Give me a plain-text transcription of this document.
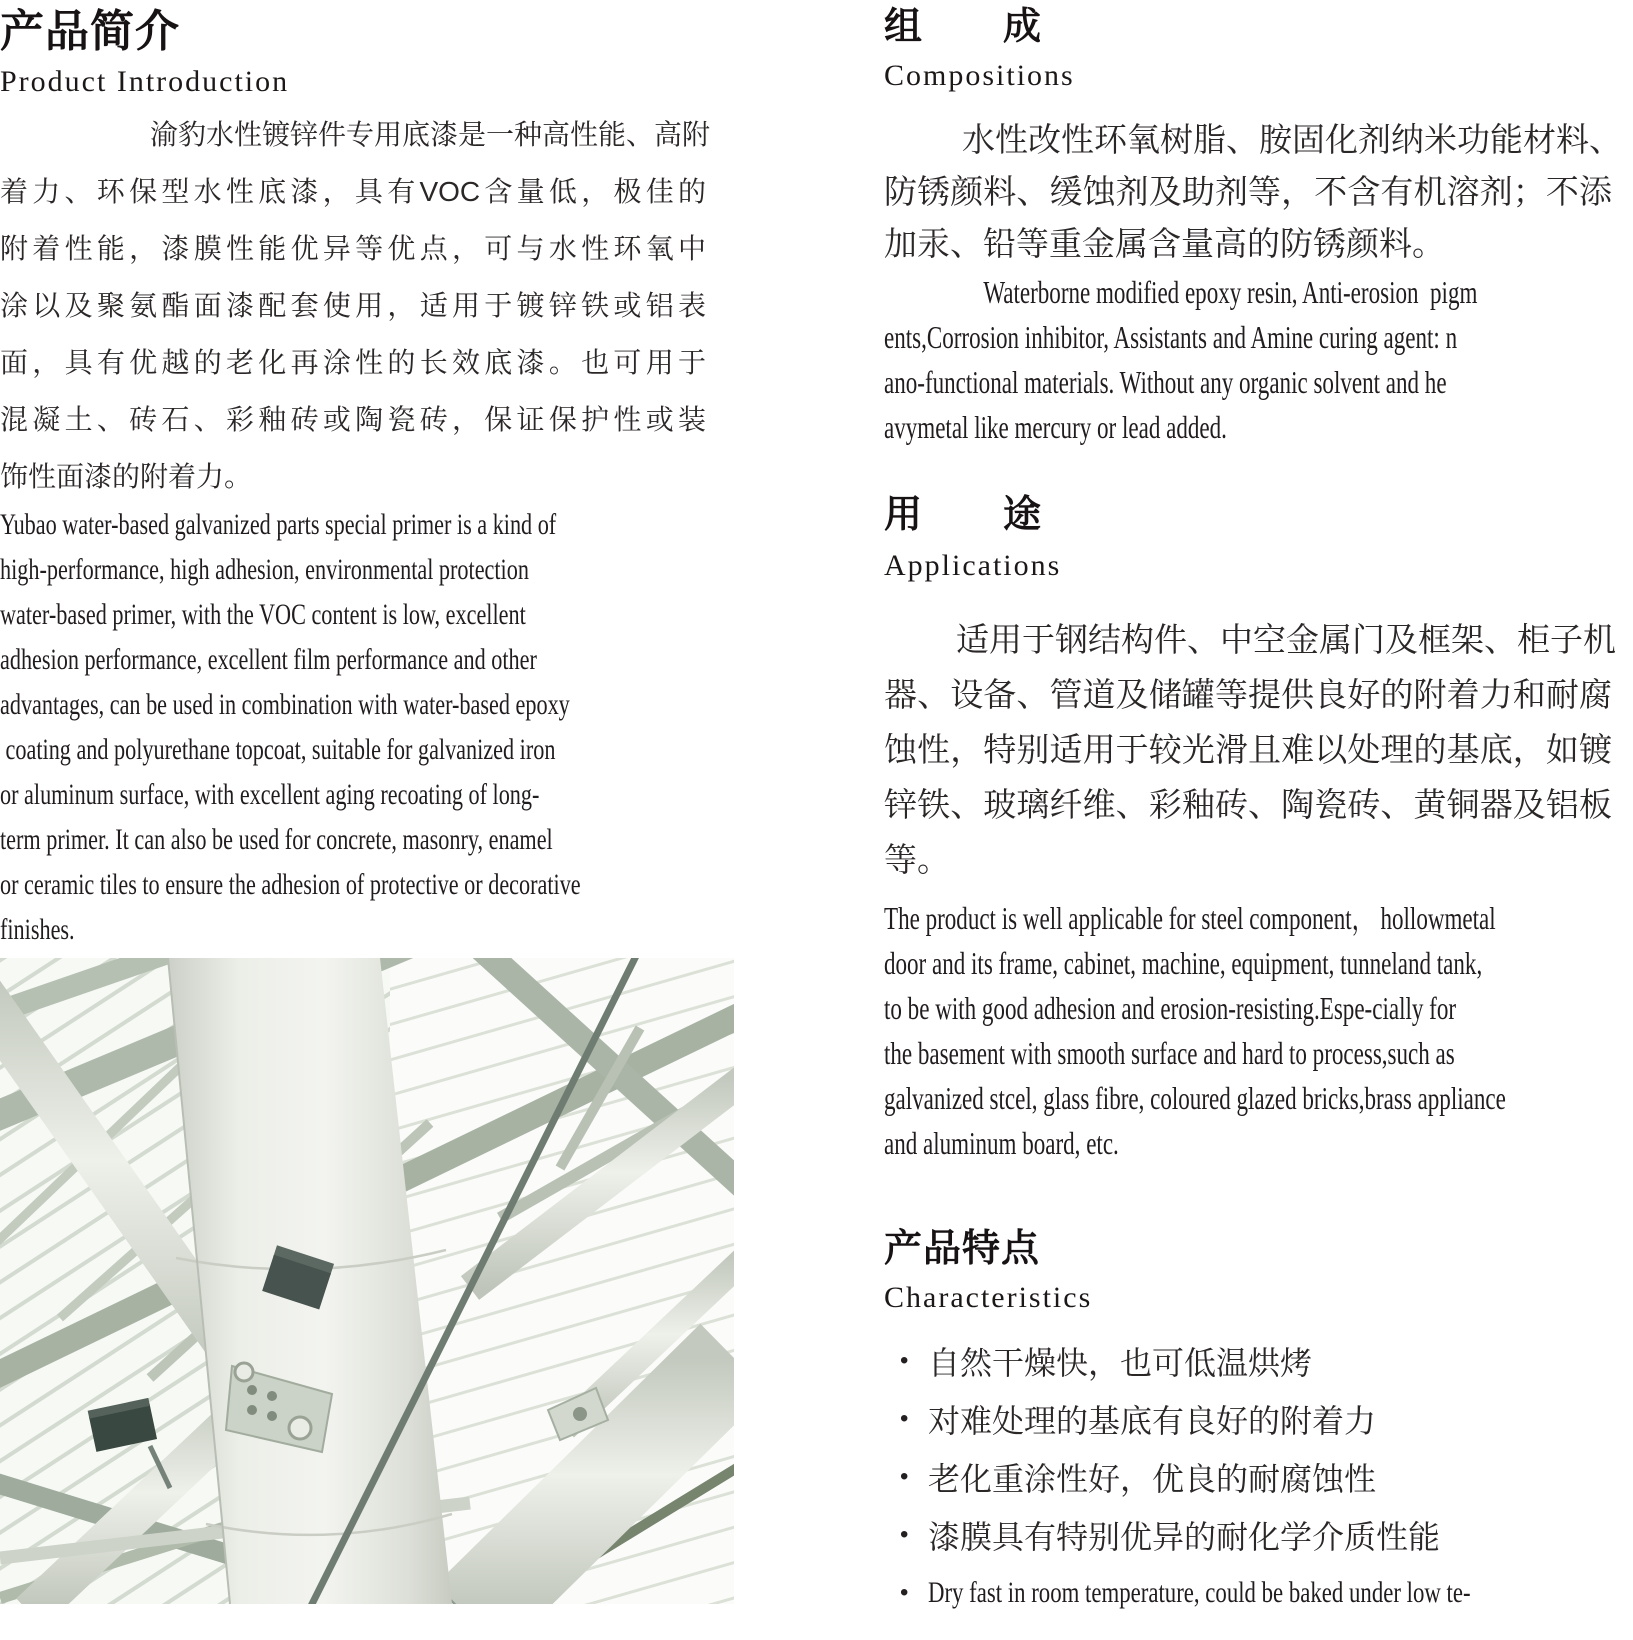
产品简介
Product Introduction
渝豹水性镀锌件专用底漆是一种高性能、高附
着力、环保型水性底漆，具有VOC含量低，极佳的
附着性能，漆膜性能优异等优点，可与水性环氧中
涂以及聚氨酯面漆配套使用，适用于镀锌铁或铝表
面，具有优越的老化再涂性的长效底漆。也可用于
混凝土、砖石、彩釉砖或陶瓷砖，保证保护性或装
饰性面漆的附着力。
Yubao water-based galvanized parts special primer is a kind of
high-performance, high adhesion, environmental protection
water-based primer, with the VOC content is low, excellent
adhesion performance, excellent film performance and other
advantages, can be used in combination with water-based epoxy
coating and polyurethane topcoat, suitable for galvanized iron
or aluminum surface, with excellent aging recoating of long-
term primer. It can also be used for concrete, masonry, enamel
or ceramic tiles to ensure the adhesion of protective or decorative
finishes.
组 成
Compositions
水性改性环氧树脂、胺固化剂纳米功能材料、
防锈颜料、缓蚀剂及助剂等，不含有机溶剂；不添
加汞、铅等重金属含量高的防锈颜料。
Waterborne modified epoxy resin, Anti-erosion  pigm
ents,Corrosion inhibitor, Assistants and Amine curing agent: n
ano-functional materials. Without any organic solvent and he
avymetal like mercury or lead added.
用 途
Applications
适用于钢结构件、中空金属门及框架、柜子机
器、设备、管道及储罐等提供良好的附着力和耐腐
蚀性，特别适用于较光滑且难以处理的基底，如镀
锌铁、玻璃纤维、彩釉砖、陶瓷砖、黄铜器及铝板
等。
The product is well applicable for steel component， hollowmetal
door and its frame, cabinet, machine, equipment, tunneland tank,
to be with good adhesion and erosion-resisting.Espe-cially for
the basement with smooth surface and hard to process,such as
galvanized stcel, glass fibre, coloured glazed bricks,brass appliance
and aluminum board, etc.
产品特点
Characteristics
• 自然干燥快，也可低温烘烤
• 对难处理的基底有良好的附着力
• 老化重涂性好，优良的耐腐蚀性
• 漆膜具有特别优异的耐化学介质性能
• Dry fast in room temperature, could be baked under low te-
